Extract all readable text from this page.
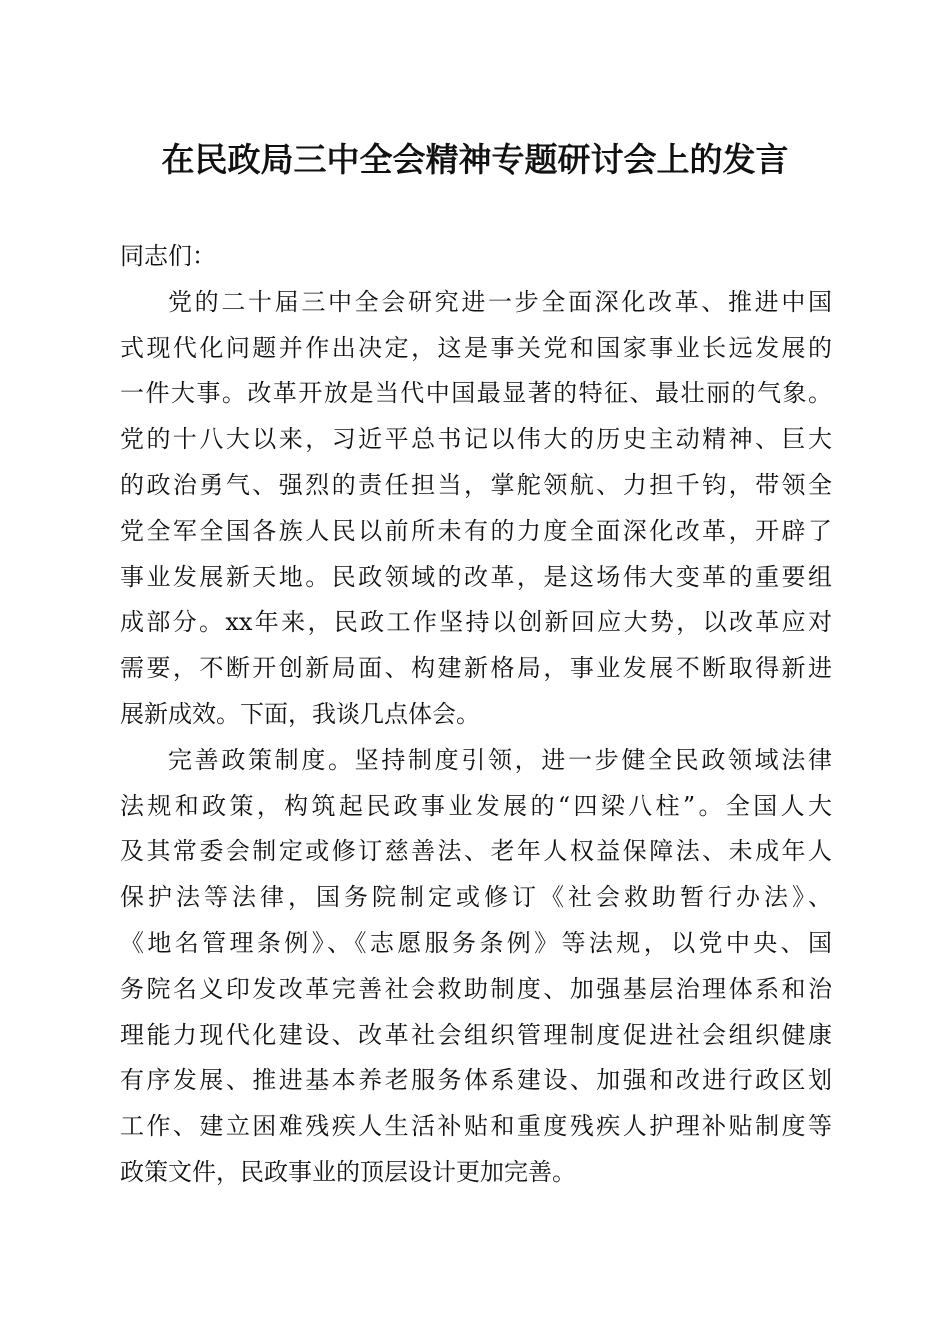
在民政局三中全会精神专题研讨会上的发言

同志们：

党的二十届三中全会研究进一步全面深化改革、推进中国
式现代化问题并作出决定，这是事关党和国家事业长远发展的
一件大事。改革开放是当代中国最显著的特征、最壮丽的气象。
党的十八大以来，习近平总书记以伟大的历史主动精神、巨大
的政治勇气、强烈的责任担当，掌舵领航、力担千钧，带领全
党全军全国各族人民以前所未有的力度全面深化改革，开辟了
事业发展新天地。民政领域的改革，是这场伟大变革的重要组
成部分。xx年来，民政工作坚持以创新回应大势，以改革应对
需要，不断开创新局面、构建新格局，事业发展不断取得新进
展新成效。下面，我谈几点体会。

完善政策制度。坚持制度引领，进一步健全民政领域法律
法规和政策，构筑起民政事业发展的“四梁八柱”。全国人大
及其常委会制定或修订慈善法、老年人权益保障法、未成年人
保护法等法律，国务院制定或修订《社会救助暂行办法》、
《地名管理条例》、《志愿服务条例》等法规，以党中央、国
务院名义印发改革完善社会救助制度、加强基层治理体系和治
理能力现代化建设、改革社会组织管理制度促进社会组织健康
有序发展、推进基本养老服务体系建设、加强和改进行政区划
工作、建立困难残疾人生活补贴和重度残疾人护理补贴制度等
政策文件，民政事业的顶层设计更加完善。
